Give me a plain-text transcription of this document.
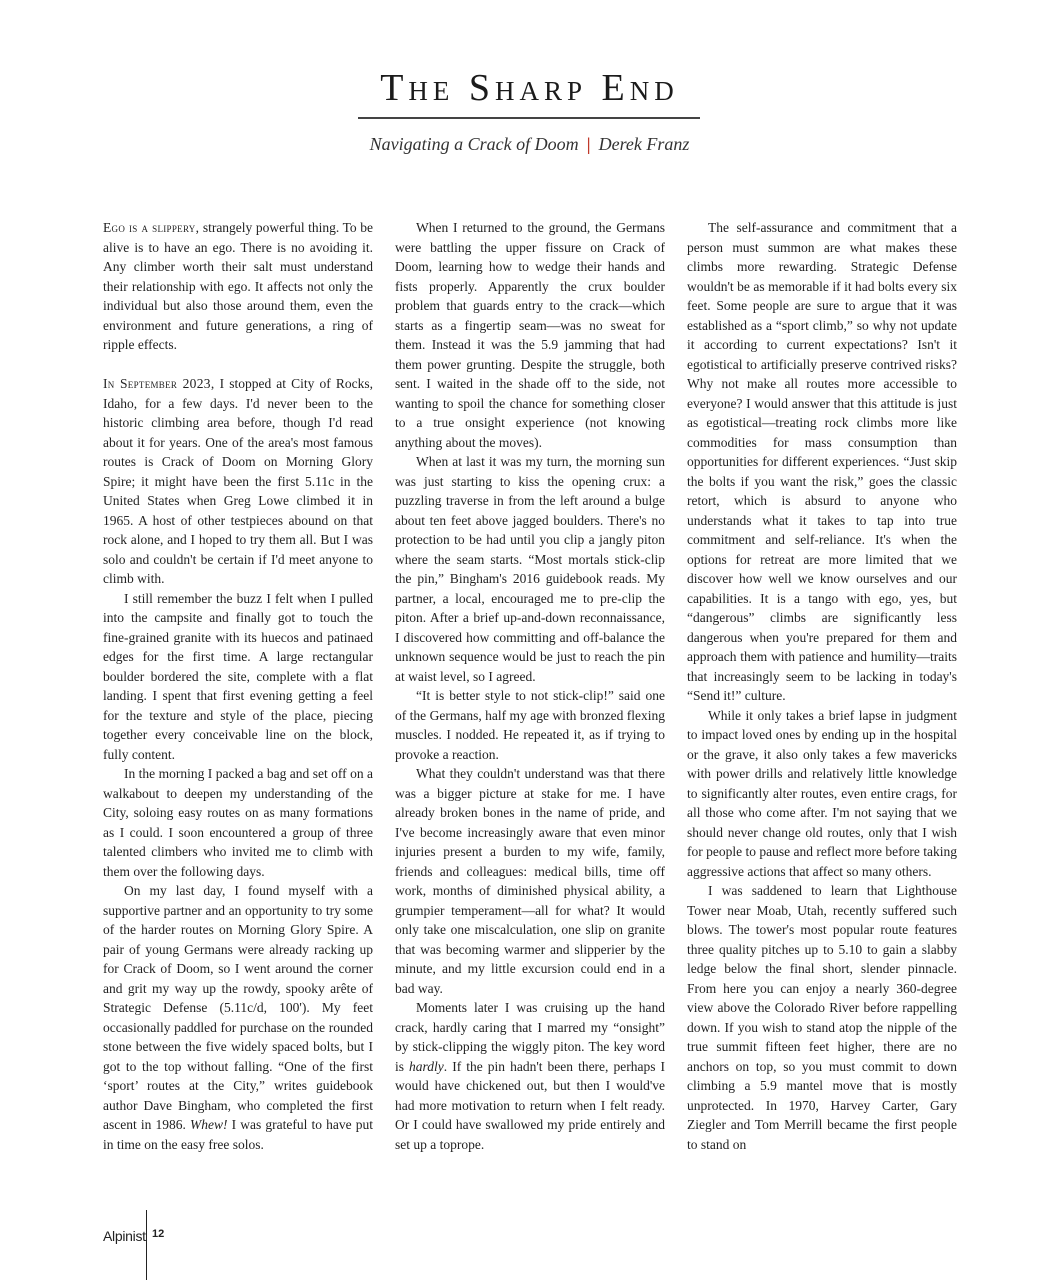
The Sharp End
Navigating a Crack of Doom | Derek Franz

Ego is a slippery, strangely powerful thing. To be alive is to have an ego. There is no avoiding it. Any climber worth their salt must understand their relationship with ego. It affects not only the individual but also those around them, even the environment and future generations, a ring of ripple effects.

In September 2023, I stopped at City of Rocks, Idaho, for a few days. I'd never been to the historic climbing area before, though I'd read about it for years. One of the area's most famous routes is Crack of Doom on Morning Glory Spire; it might have been the first 5.11c in the United States when Greg Lowe climbed it in 1965. A host of other testpieces abound on that rock alone, and I hoped to try them all. But I was solo and couldn't be certain if I'd meet anyone to climb with.

I still remember the buzz I felt when I pulled into the campsite and finally got to touch the fine-grained granite with its huecos and patinaed edges for the first time. A large rectangular boulder bordered the site, complete with a flat landing. I spent that first evening getting a feel for the texture and style of the place, piecing together every conceivable line on the block, fully content.

In the morning I packed a bag and set off on a walkabout to deepen my understanding of the City, soloing easy routes on as many formations as I could. I soon encountered a group of three talented climbers who invited me to climb with them over the following days.

On my last day, I found myself with a supportive partner and an opportunity to try some of the harder routes on Morning Glory Spire. A pair of young Germans were already racking up for Crack of Doom, so I went around the corner and grit my way up the rowdy, spooky arête of Strategic Defense (5.11c/d, 100'). My feet occasionally paddled for purchase on the rounded stone between the five widely spaced bolts, but I got to the top without falling. “One of the first ‘sport’ routes at the City,” writes guidebook author Dave Bingham, who completed the first ascent in 1986. Whew! I was grateful to have put in time on the easy free solos.

When I returned to the ground, the Germans were battling the upper fissure on Crack of Doom, learning how to wedge their hands and fists properly. Apparently the crux boulder problem that guards entry to the crack—which starts as a fingertip seam—was no sweat for them. Instead it was the 5.9 jamming that had them power grunting. Despite the struggle, both sent. I waited in the shade off to the side, not wanting to spoil the chance for something closer to a true onsight experience (not knowing anything about the moves).

When at last it was my turn, the morning sun was just starting to kiss the opening crux: a puzzling traverse in from the left around a bulge about ten feet above jagged boulders. There's no protection to be had until you clip a jangly piton where the seam starts. “Most mortals stick-clip the pin,” Bingham's 2016 guidebook reads. My partner, a local, encouraged me to pre-clip the piton. After a brief up-and-down reconnaissance, I discovered how committing and off-balance the unknown sequence would be just to reach the pin at waist level, so I agreed.

“It is better style to not stick-clip!” said one of the Germans, half my age with bronzed flexing muscles. I nodded. He repeated it, as if trying to provoke a reaction.

What they couldn't understand was that there was a bigger picture at stake for me. I have already broken bones in the name of pride, and I've become increasingly aware that even minor injuries present a burden to my wife, family, friends and colleagues: medical bills, time off work, months of diminished physical ability, a grumpier temperament—all for what? It would only take one miscalculation, one slip on granite that was becoming warmer and slipperier by the minute, and my little excursion could end in a bad way.

Moments later I was cruising up the hand crack, hardly caring that I marred my “onsight” by stick-clipping the wiggly piton. The key word is hardly. If the pin hadn't been there, perhaps I would have chickened out, but then I would've had more motivation to return when I felt ready. Or I could have swallowed my pride entirely and set up a toprope.

The self-assurance and commitment that a person must summon are what makes these climbs more rewarding. Strategic Defense wouldn't be as memorable if it had bolts every six feet. Some people are sure to argue that it was established as a “sport climb,” so why not update it according to current expectations? Isn't it egotistical to artificially preserve contrived risks? Why not make all routes more accessible to everyone? I would answer that this attitude is just as egotistical—treating rock climbs more like commodities for mass consumption than opportunities for different experiences. “Just skip the bolts if you want the risk,” goes the classic retort, which is absurd to anyone who understands what it takes to tap into true commitment and self-reliance. It's when the options for retreat are more limited that we discover how well we know ourselves and our capabilities. It is a tango with ego, yes, but “dangerous” climbs are significantly less dangerous when you're prepared for them and approach them with patience and humility—traits that increasingly seem to be lacking in today's “Send it!” culture.

While it only takes a brief lapse in judgment to impact loved ones by ending up in the hospital or the grave, it also only takes a few mavericks with power drills and relatively little knowledge to significantly alter routes, even entire crags, for all those who come after. I'm not saying that we should never change old routes, only that I wish for people to pause and reflect more before taking aggressive actions that affect so many others.

I was saddened to learn that Lighthouse Tower near Moab, Utah, recently suffered such blows. The tower's most popular route features three quality pitches up to 5.10 to gain a slabby ledge below the final short, slender pinnacle. From here you can enjoy a nearly 360-degree view above the Colorado River before rappelling down. If you wish to stand atop the nipple of the true summit fifteen feet higher, there are no anchors on top, so you must commit to down climbing a 5.9 mantel move that is mostly unprotected. In 1970, Harvey Carter, Gary Ziegler and Tom Merrill became the first people to stand on

Alpinist 12
